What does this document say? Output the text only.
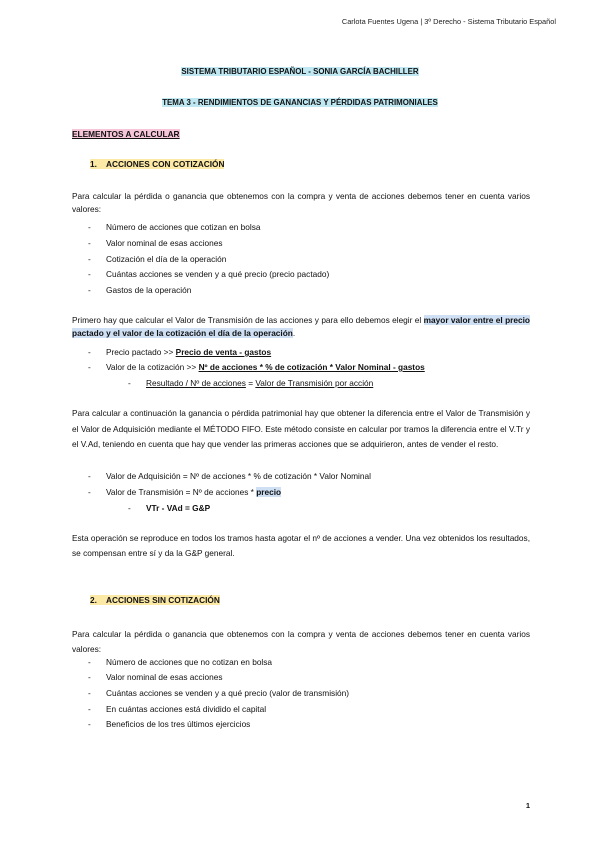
Carlota Fuentes Ugena | 3º Derecho - Sistema Tributario Español
SISTEMA TRIBUTARIO ESPAÑOL - SONIA GARCÍA BACHILLER
TEMA 3 - RENDIMIENTOS DE GANANCIAS Y PÉRDIDAS PATRIMONIALES
ELEMENTOS A CALCULAR
1. ACCIONES CON COTIZACIÓN
Para calcular la pérdida o ganancia que obtenemos con la compra y venta de acciones debemos tener en cuenta varios valores:
- Número de acciones que cotizan en bolsa
- Valor nominal de esas acciones
- Cotización el día de la operación
- Cuántas acciones se venden y a qué precio (precio pactado)
- Gastos de la operación
Primero hay que calcular el Valor de Transmisión de las acciones y para ello debemos elegir el mayor valor entre el precio pactado y el valor de la cotización el día de la operación.
- Precio pactado >> Precio de venta - gastos
- Valor de la cotización >> Nº de acciones * % de cotización * Valor Nominal - gastos
- Resultado / Nº de acciones = Valor de Transmisión por acción
Para calcular a continuación la ganancia o pérdida patrimonial hay que obtener la diferencia entre el Valor de Transmisión y el Valor de Adquisición mediante el MÉTODO FIFO. Este método consiste en calcular por tramos la diferencia entre el V.Tr y el V.Ad, teniendo en cuenta que hay que vender las primeras acciones que se adquirieron, antes de vender el resto.
- Valor de Adquisición = Nº de acciones * % de cotización * Valor Nominal
- Valor de Transmisión = Nº de acciones * precio
- VTr - VAd = G&P
Esta operación se reproduce en todos los tramos hasta agotar el nº de acciones a vender. Una vez obtenidos los resultados, se compensan entre sí y da la G&P general.
2. ACCIONES SIN COTIZACIÓN
Para calcular la pérdida o ganancia que obtenemos con la compra y venta de acciones debemos tener en cuenta varios valores:
- Número de acciones que no cotizan en bolsa
- Valor nominal de esas acciones
- Cuántas acciones se venden y a qué precio (valor de transmisión)
- En cuántas acciones está dividido el capital
- Beneficios de los tres últimos ejercicios
1
